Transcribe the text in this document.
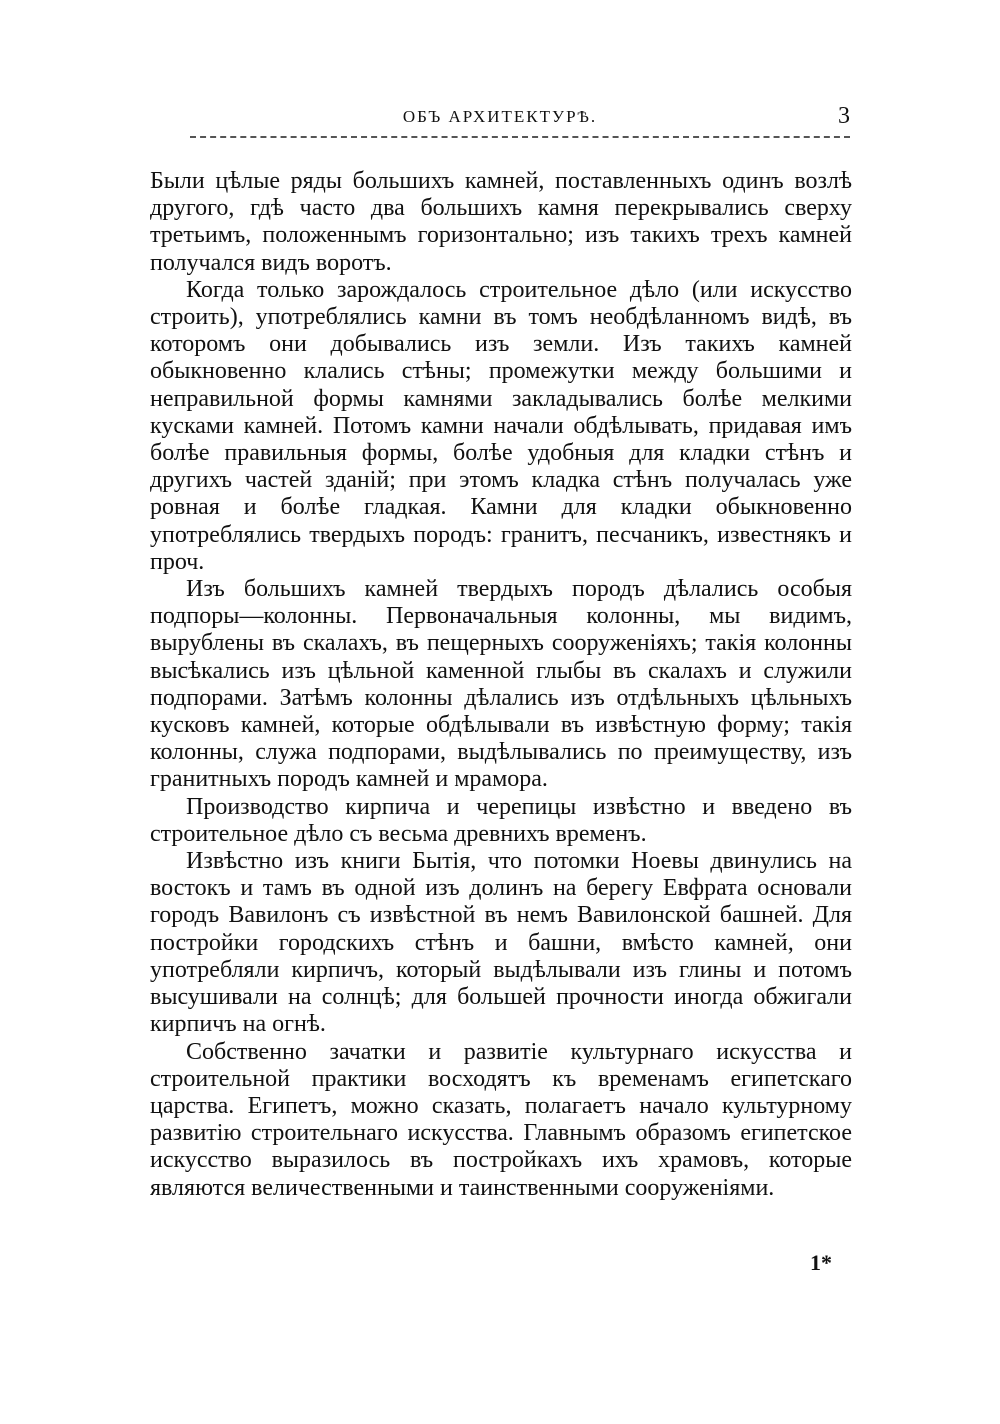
ОБЪ АРХИТЕКТУРѢ.	3

Были цѣлые ряды большихъ камней, поставленныхъ одинъ возлѣ другого, гдѣ часто два большихъ камня перекрывались сверху третьимъ, положеннымъ горизонтально; изъ такихъ трехъ камней получался видъ воротъ.

Когда только зарождалось строительное дѣло (или искусство строить), употреблялись камни въ томъ необдѣланномъ видѣ, въ которомъ они добывались изъ земли. Изъ такихъ камней обыкновенно клались стѣны; промежутки между большими и неправильной формы камнями закладывались болѣе мелкими кусками камней. Потомъ камни начали обдѣлывать, придавая имъ болѣе правильныя формы, болѣе удобныя для кладки стѣнъ и другихъ частей зданій; при этомъ кладка стѣнъ получалась уже ровная и болѣе гладкая. Камни для кладки обыкновенно употреблялись твердыхъ породъ: гранитъ, песчаникъ, известнякъ и проч.

Изъ большихъ камней твердыхъ породъ дѣлались особыя подпоры—колонны. Первоначальныя колонны, мы видимъ, вырублены въ скалахъ, въ пещерныхъ сооруженіяхъ; такія колонны высѣкались изъ цѣльной каменной глыбы въ скалахъ и служили подпорами. Затѣмъ колонны дѣлались изъ отдѣльныхъ цѣльныхъ кусковъ камней, которые обдѣлывали въ извѣстную форму; такія колонны, служа подпорами, выдѣлывались по преимуществу, изъ гранитныхъ породъ камней и мрамора.

Производство кирпича и черепицы извѣстно и введено въ строительное дѣло съ весьма древнихъ временъ.

Извѣстно изъ книги Бытія, что потомки Ноевы двинулись на востокъ и тамъ въ одной изъ долинъ на берегу Евфрата основали городъ Вавилонъ съ извѣстной въ немъ Вавилонской башней. Для постройки городскихъ стѣнъ и башни, вмѣсто камней, они употребляли кирпичъ, который выдѣлывали изъ глины и потомъ высушивали на солнцѣ; для большей прочности иногда обжигали кирпичъ на огнѣ.

Собственно зачатки и развитіе культурнаго искусства и строительной практики восходятъ къ временамъ египетскаго царства. Египетъ, можно сказать, полагаетъ начало культурному развитію строительнаго искусства. Главнымъ образомъ египетское искусство выразилось въ постройкахъ ихъ храмовъ, которые являются величественными и таинственными сооруженіями.

1*
